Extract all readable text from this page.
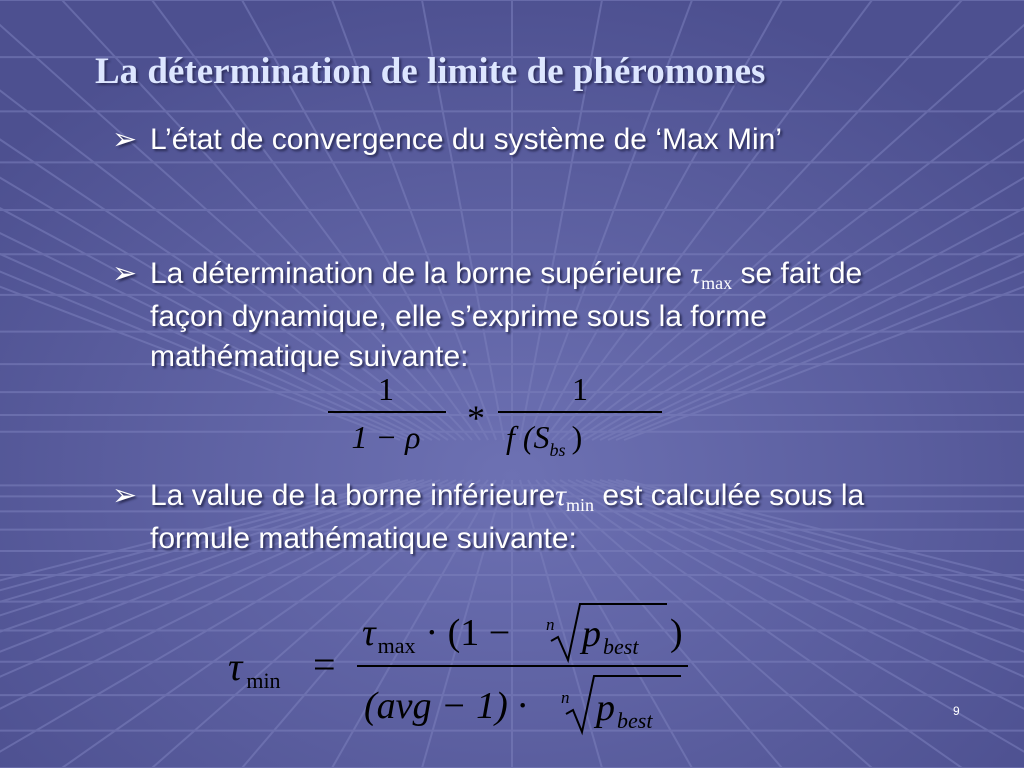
La détermination de limite de phéromones
➢ L’état de convergence du système de ‘Max Min’
➢ La détermination de la borne supérieure $\tau_{max}$ se fait de façon dynamique, elle s’exprime sous la forme mathématique suivante:
1
1 − ρ *
1
f ($S_{bs}$ )
➢ La value de la borne inférieureτ$_{min}$ est calculée sous la formule mathématique suivante:
τ $_{min}$ =
$\tau_{max} \cdot (1 - n$ $p_{best}$ )
(avg − 1) · n $p_{best}$	9
